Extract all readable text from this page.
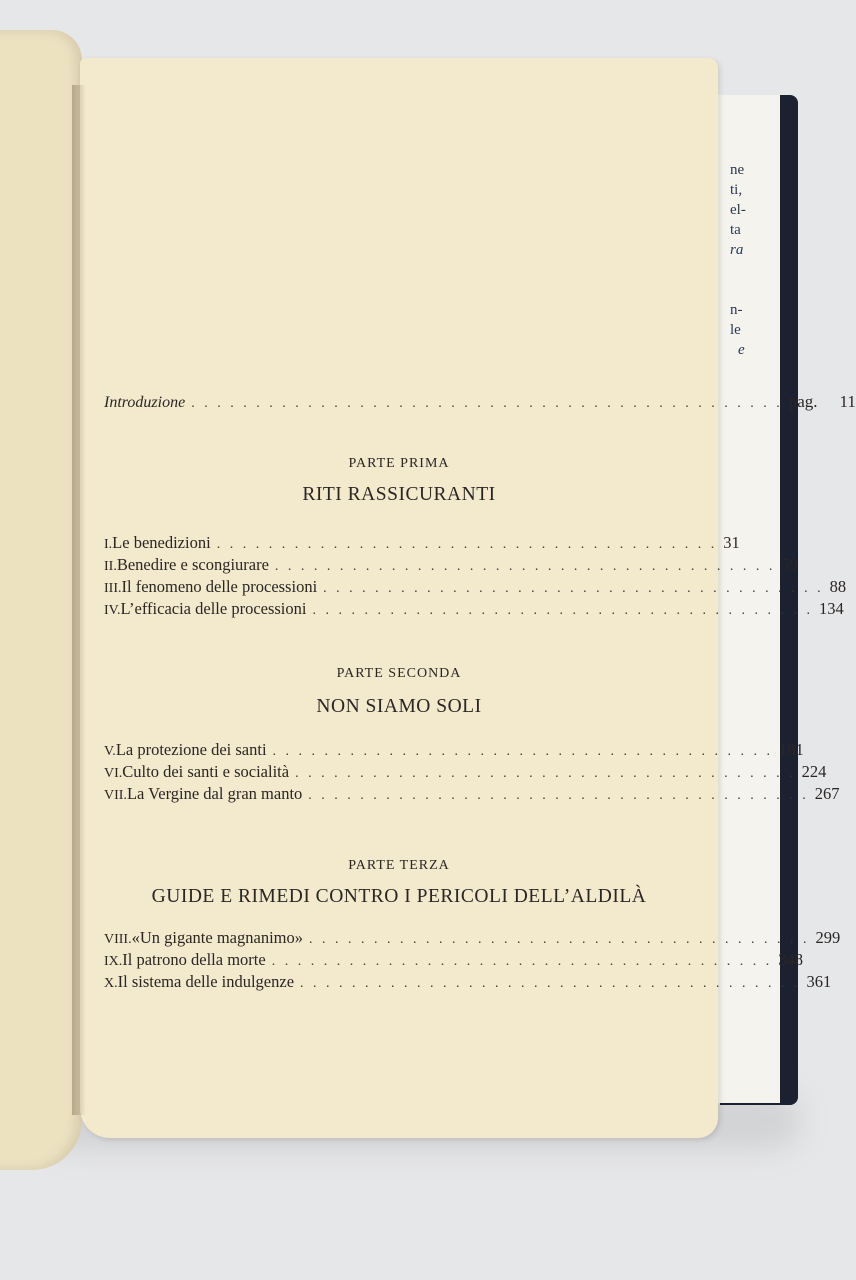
ne
ti,
el-
ta
ra
n-
le
e
Introduzione . . . . . . . . . . . . . . . . . . . . . . . . . . . . . . . . . . . . . . . . . . . . . . pag. 11
PARTE PRIMA
RITI RASSICURANTI
I. Le benedizioni . . . . . . . . . . . . . . . . . . . . . . . . . . . . . . . . . . . . . . . 31
II. Benedire e scongiurare . . . . . . . . . . . . . . . . . . . . . . . . . . . . . . . . . . . . . . . 59
III. Il fenomeno delle processioni . . . . . . . . . . . . . . . . . . . . . . . . . . . . . . . . . . . . . . . 88
IV. L’efficacia delle processioni . . . . . . . . . . . . . . . . . . . . . . . . . . . . . . . . . . . . . . . 134
PARTE SECONDA
NON SIAMO SOLI
V. La protezione dei santi . . . . . . . . . . . . . . . . . . . . . . . . . . . . . . . . . . . . . . . 181
VI. Culto dei santi e socialità . . . . . . . . . . . . . . . . . . . . . . . . . . . . . . . . . . . . . . . 224
VII. La Vergine dal gran manto . . . . . . . . . . . . . . . . . . . . . . . . . . . . . . . . . . . . . . . 267
PARTE TERZA
GUIDE E RIMEDI CONTRO I PERICOLI DELL’ALDILÀ
VIII. «Un gigante magnanimo» . . . . . . . . . . . . . . . . . . . . . . . . . . . . . . . . . . . . . . . 299
IX. Il patrono della morte . . . . . . . . . . . . . . . . . . . . . . . . . . . . . . . . . . . . . . . 348
X. Il sistema delle indulgenze . . . . . . . . . . . . . . . . . . . . . . . . . . . . . . . . . . . . . . . 361
